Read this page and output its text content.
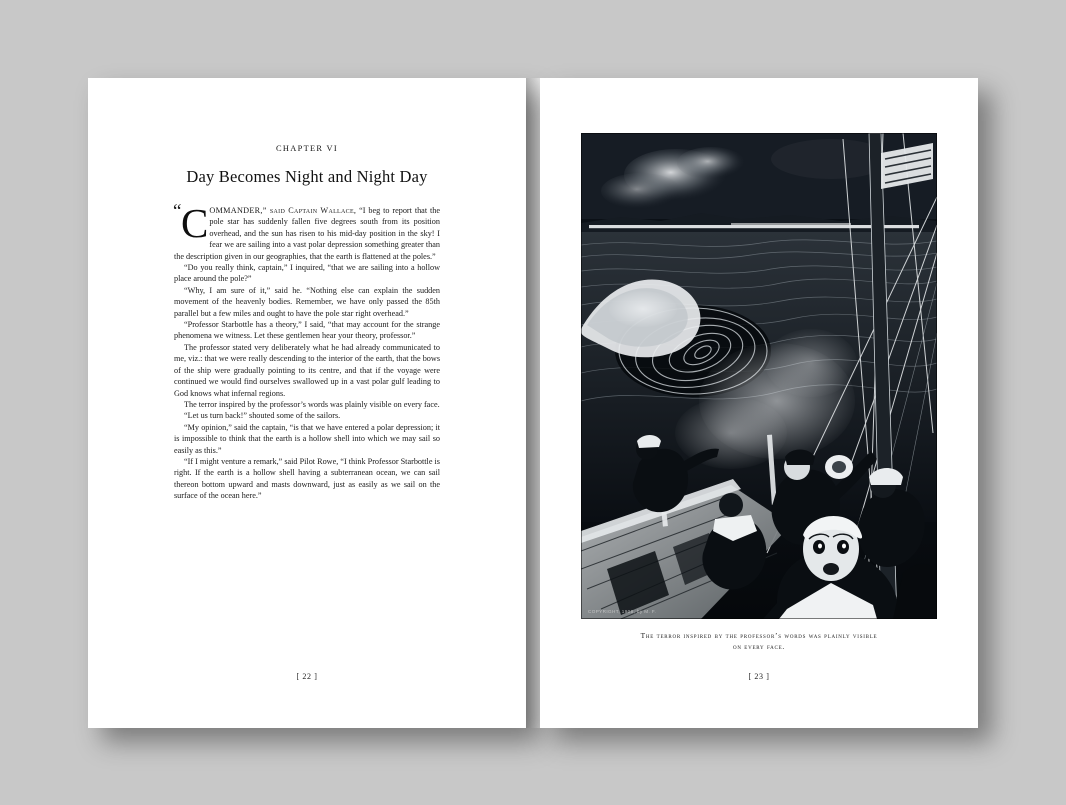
CHAPTER VI
Day Becomes Night and Night Day

“ C OMMANDER,” said Captain Wallace, “I beg to report that the pole star has suddenly fallen five degrees south from its position overhead, and the sun has risen to his mid-day position in the sky! I fear we are sailing into a vast polar depression something greater than the description given in our geographies, that the earth is flattened at the poles.”

“Do you really think, captain,” I inquired, “that we are sailing into a hollow place around the pole?”

“Why, I am sure of it,” said he. “Nothing else can explain the sudden movement of the heavenly bodies. Remember, we have only passed the 85th parallel but a few miles and ought to have the pole star right overhead.”

“Professor Starbottle has a theory,” I said, “that may account for the strange phenomena we witness. Let these gentlemen hear your theory, professor.”

The professor stated very deliberately what he had already communicated to me, viz.: that we were really descending to the interior of the earth, that the bows of the ship were gradually pointing to its centre, and that if the voyage were continued we would find ourselves swallowed up in a vast polar gulf leading to God knows what infernal regions.

The terror inspired by the professor’s words was plainly visible on every face.

“Let us turn back!” shouted some of the sailors.

“My opinion,” said the captain, “is that we have entered a polar depression; it is impossible to think that the earth is a hollow shell into which we may sail so easily as this.”

“If I might venture a remark,” said Pilot Rowe, “I think Professor Starbottle is right. If the earth is a hollow shell having a subterranean ocean, we can sail thereon bottom upward and masts downward, just as easily as we sail on the surface of the ocean here.”

[ 22 ]
COPYRIGHT, 1908, by M. F.
The terror inspired by the professor’s words was plainly visible
on every face.
[ 23 ]
